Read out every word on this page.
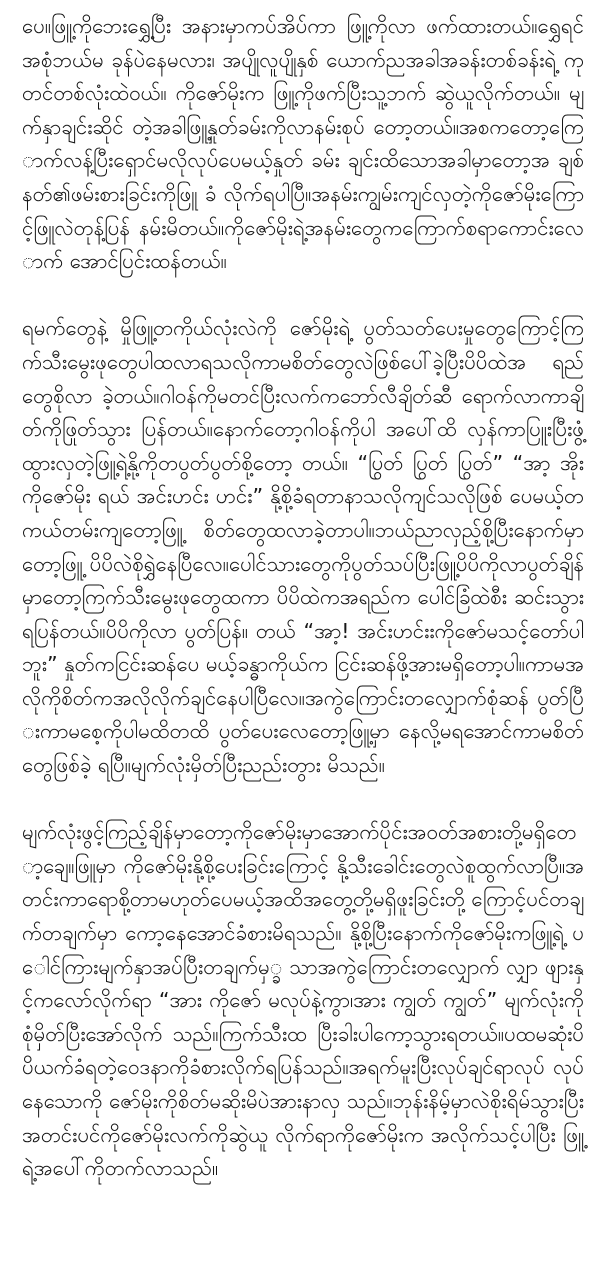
ပေ။ဖြူ့ကိုဘေးရွှေ့ပြီး အနားမှာကပ်အိပ်ကာ ဖြူ့ကိုလာ ဖက်ထားတယ်။ရွှေရင်အစုံဘယ်မ ခုန်ပဲနေမလား၊ အပျိုလူပျိုနှစ် ယောက်ညအခါအခန်းတစ်ခန်းရဲ့ ကုတင်တစ်လုံးထဲဝယ်။ ကိုဇော်မိုးက ဖြူ့ကိုဖက်ပြီးသူ့ဘက် ဆွဲယူလိုက်တယ်။ မျက်နှာချင်းဆိုင် တဲ့အခါဖြူ့နှုတ်ခမ်းကိုလာနမ်းစုပ် တော့တယ်။အစကတော့ကြောက်လန့်ပြီးရှောင်မလိုလုပ်ပေမယ့်နှုတ် ခမ်း ချင်းထိသောအခါမှာတော့အ ချစ်နတ်၏ဖမ်းစားခြင်းကိုဖြူ ခံ လိုက်ရပါပြီ။အနမ်းကျွမ်းကျင်လှတဲ့ကိုဇော်မိုးကြောင့်ဖြူလဲတုန့်ပြန် နမ်းမိတယ်။ကိုဇော်မိုးရဲ့အနမ်းတွေကကြောက်စရာကောင်းလောက် အောင်ပြင်းထန်တယ်။

ရမက်တွေနဲ့ မှိုဖြူ့တကိုယ်လုံးလဲကို ဇော်မိုးရဲ့ ပွတ်သတ်ပေးမှုတွေကြောင့်ကြက်သီးမွေးဖုတွေပါထလာရသလိုကာမစိတ်တွေလဲဖြစ်ပေါ်ခဲ့ပြီးပိပိထဲအ ရည်တွေစိုလာ ခဲ့တယ်။ဂါဝန်ကိုမတင်ပြီးလက်ကဘော်လီချိတ်ဆီ ရောက်လာကာချိတ်ကိုဖြုတ်သွား ပြန်တယ်။နောက်တော့ဂါဝန်ကိုပါ အပေါ်ထိ လှန်ကာပြူးပြီးဖွံ့ထွားလှတဲ့ဖြူ့ရဲ့နို့ကိုတပွတ်ပွတ်စို့တော့ တယ်။ “ပြွတ် ပြွတ် ပြွတ်” “အာ့ အိုး ကိုဇော်မိုး ရယ် အင်းဟင်း ဟင်း” နို့စို့ခံရတာနာသလိုကျင်သလိုဖြစ် ပေမယ့်တကယ်တမ်းကျတော့ဖြူ့ စိတ်တွေထလာခဲ့တာပါ။ဘယ်ညာလှည့်စို့ပြီးနောက်မှာတော့ဖြူ့ ပိပိလဲစိုရွှဲနေပြီလေ။ပေါင်သားတွေကိုပွတ်သပ်ပြီးဖြူ့ပိပိကိုလာပွတ်ချိန် မှာတော့ကြက်သီးမွေးဖုတွေထကာ ပိပိထဲကအရည်က ပေါင်ခြံထဲစီး ဆင်းသွားရပြန်တယ်။ပိပိကိုလာ ပွတ်ပြန်။ တယ် “အာ့! အင်းဟင်းးကိုဇော်မသင့်တော်ပါဘူး” နှုတ်ကငြင်းဆန်ပေ မယ့်ခန္ဓာကိုယ်က ငြင်းဆန်ဖို့အားမရှိတော့ပါ။ကာမအလိုကိုစိတ်ကအလိုလိုက်ချင်နေပါပြီလေ။အကွဲကြောင်းတလျှောက်စုံဆန် ပွတ်ပြီးကာမစေ့ကိုပါမထိတထိ ပွတ်ပေးလေတော့ဖြူ့မှာ နေလို့မရအောင်ကာမစိတ်တွေဖြစ်ခဲ့ ရပြီ။မျက်လုံးမှိတ်ပြီးညည်းတွား မိသည်။

မျက်လုံးဖွင့်ကြည့်ချိန်မှာတော့ကိုဇော်မိုးမှာအောက်ပိုင်းအဝတ်အစားတို့မရှိတော့ချေ။ဖြူမှာ ကိုဇော်မိုးနို့စို့ပေးခြင်းကြောင့် နို့သီးခေါင်းတွေလဲစူထွက်လာပြီ။အတင်းကာရောစို့တာမဟုတ်ပေမယ့်အထိအတွေ့တို့မရှိဖူးခြင်းတို့ ကြောင့်ပင်တချက်တချက်မှာ ကော့နေအောင်ခံစားမိရသည်။ နို့စို့ပြီးနောက်ကိုဇော်မိုးကဖြူ့ရဲ့ ပေါင်ကြားမျက်နှာအပ်ပြီးတချက်မှ္ခ သာအကွဲကြောင်းတလျှောက် လျှာ ဖျားနှင့်ကလော်လိုက်ရာ “အား ကိုဇော် မလုပ်နဲ့ကွာ၊အား ကျွတ် ကျွတ်” မျက်လုံးကိုစုံမှိတ်ပြီးအော်လိုက် သည်။ကြက်သီးထ ပြီးခါးပါကော့သွားရတယ်။ပထမဆုံးပိပိယက်ခံရတဲ့ဝေဒနာကိုခံစားလိုက်ရပြန်သည်။အရက်မူးပြီးလုပ်ချင်ရာလုပ် လုပ်နေသောကို ဇော်မိုးကိုစိတ်မဆိုးမိပဲအားနာလှ သည်။ဘုန်းနိမ့်မှာလဲစိုးရိမ်သွားပြီး အတင်းပင်ကိုဇော်မိုးလက်ကိုဆွဲယူ လိုက်ရာကိုဇော်မိုးက အလိုက်သင့်ပါပြီး ဖြူ့ရဲ့အပေါ်ကိုတက်လာသည်။
